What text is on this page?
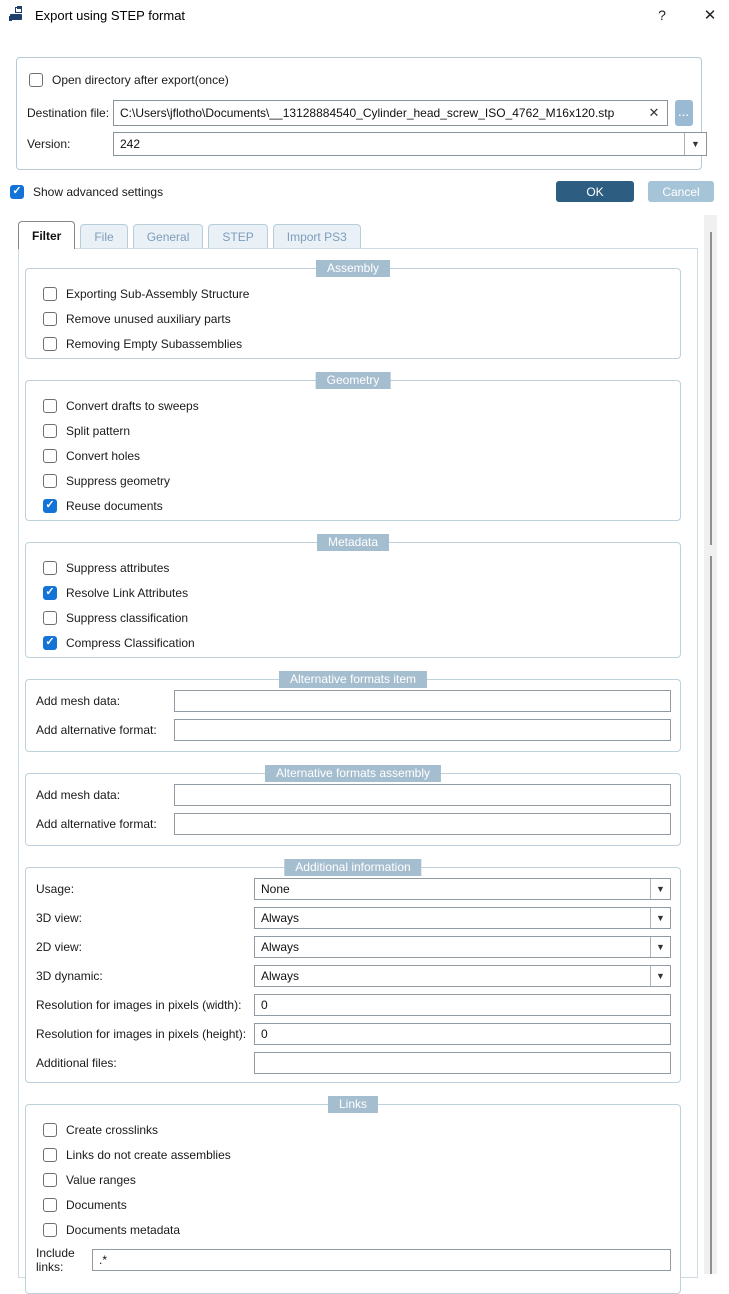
Export using STEP format	?	✕
Open directory after export(once)
Destination file:
C:\Users\jflotho\Documents\__13128884540_Cylinder_head_screw_ISO_4762_M16x120.stp	✕	...
Version:	242	▼
✓ Show advanced settings	OK	Cancel
Filter	File	General	STEP	Import PS3
Assembly
Exporting Sub-Assembly Structure
Remove unused auxiliary parts
Removing Empty Subassemblies
Geometry
Convert drafts to sweeps
Split pattern
Convert holes
Suppress geometry
✓ Reuse documents
Metadata
Suppress attributes
✓ Resolve Link Attributes
Suppress classification
✓ Compress Classification
Alternative formats item
Add mesh data:
Add alternative format:
Alternative formats assembly
Add mesh data:
Add alternative format:
Additional information
Usage:	None	▼
3D view:	Always	▼
2D view:	Always	▼
3D dynamic:	Always	▼
Resolution for images in pixels (width):
0
Resolution for images in pixels (height):
0
Additional files:
Links
Create crosslinks
Links do not create assemblies
Value ranges
Documents
Documents metadata
Include links:
.*
